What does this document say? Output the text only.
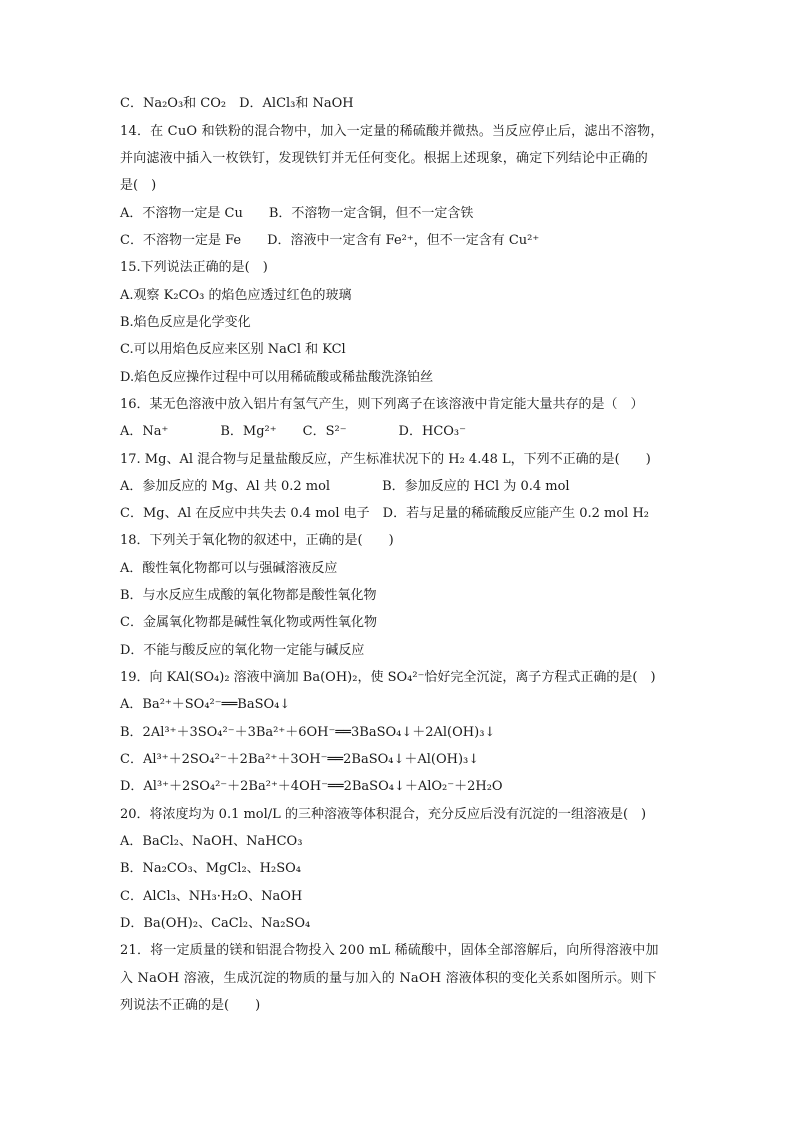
C．Na₂O₃和 CO₂　D．AlCl₃和 NaOH
14．在 CuO 和铁粉的混合物中，加入一定量的稀硫酸并微热。当反应停止后，滤出不溶物，
并向滤液中插入一枚铁钉，发现铁钉并无任何变化。根据上述现象，确定下列结论中正确的
是(　)
A．不溶物一定是 Cu　　B．不溶物一定含铜，但不一定含铁
C．不溶物一定是 Fe　　D．溶液中一定含有 Fe²⁺，但不一定含有 Cu²⁺
15.下列说法正确的是(　)
A.观察 K₂CO₃ 的焰色应透过红色的玻璃
B.焰色反应是化学变化
C.可以用焰色反应来区别 NaCl 和 KCl
D.焰色反应操作过程中可以用稀硫酸或稀盐酸洗涤铂丝
16．某无色溶液中放入铝片有氢气产生，则下列离子在该溶液中肯定能大量共存的是（　）
A．Na⁺　　　　B．Mg²⁺　　C．S²⁻　　　　D．HCO₃⁻
17. Mg、Al 混合物与足量盐酸反应，产生标准状况下的 H₂ 4.48 L，下列不正确的是(　　)
A．参加反应的 Mg、Al 共 0.2 mol　　　　B．参加反应的 HCl 为 0.4 mol
C．Mg、Al 在反应中共失去 0.4 mol 电子　D．若与足量的稀硫酸反应能产生 0.2 mol H₂
18．下列关于氧化物的叙述中，正确的是(　　)
A．酸性氧化物都可以与强碱溶液反应
B．与水反应生成酸的氧化物都是酸性氧化物
C．金属氧化物都是碱性氧化物或两性氧化物
D．不能与酸反应的氧化物一定能与碱反应
19．向 KAl(SO₄)₂ 溶液中滴加 Ba(OH)₂，使 SO₄²⁻恰好完全沉淀，离子方程式正确的是(　)
A．Ba²⁺＋SO₄²⁻══BaSO₄↓
B．2Al³⁺＋3SO₄²⁻＋3Ba²⁺＋6OH⁻══3BaSO₄↓＋2Al(OH)₃↓
C．Al³⁺＋2SO₄²⁻＋2Ba²⁺＋3OH⁻══2BaSO₄↓＋Al(OH)₃↓
D．Al³⁺＋2SO₄²⁻＋2Ba²⁺＋4OH⁻══2BaSO₄↓＋AlO₂⁻＋2H₂O
20．将浓度均为 0.1 mol/L 的三种溶液等体积混合，充分反应后没有沉淀的一组溶液是(　)
A．BaCl₂、NaOH、NaHCO₃
B．Na₂CO₃、MgCl₂、H₂SO₄
C．AlCl₃、NH₃·H₂O、NaOH
D．Ba(OH)₂、CaCl₂、Na₂SO₄
21．将一定质量的镁和铝混合物投入 200 mL 稀硫酸中，固体全部溶解后，向所得溶液中加
入 NaOH 溶液，生成沉淀的物质的量与加入的 NaOH 溶液体积的变化关系如图所示。则下
列说法不正确的是(　　)
